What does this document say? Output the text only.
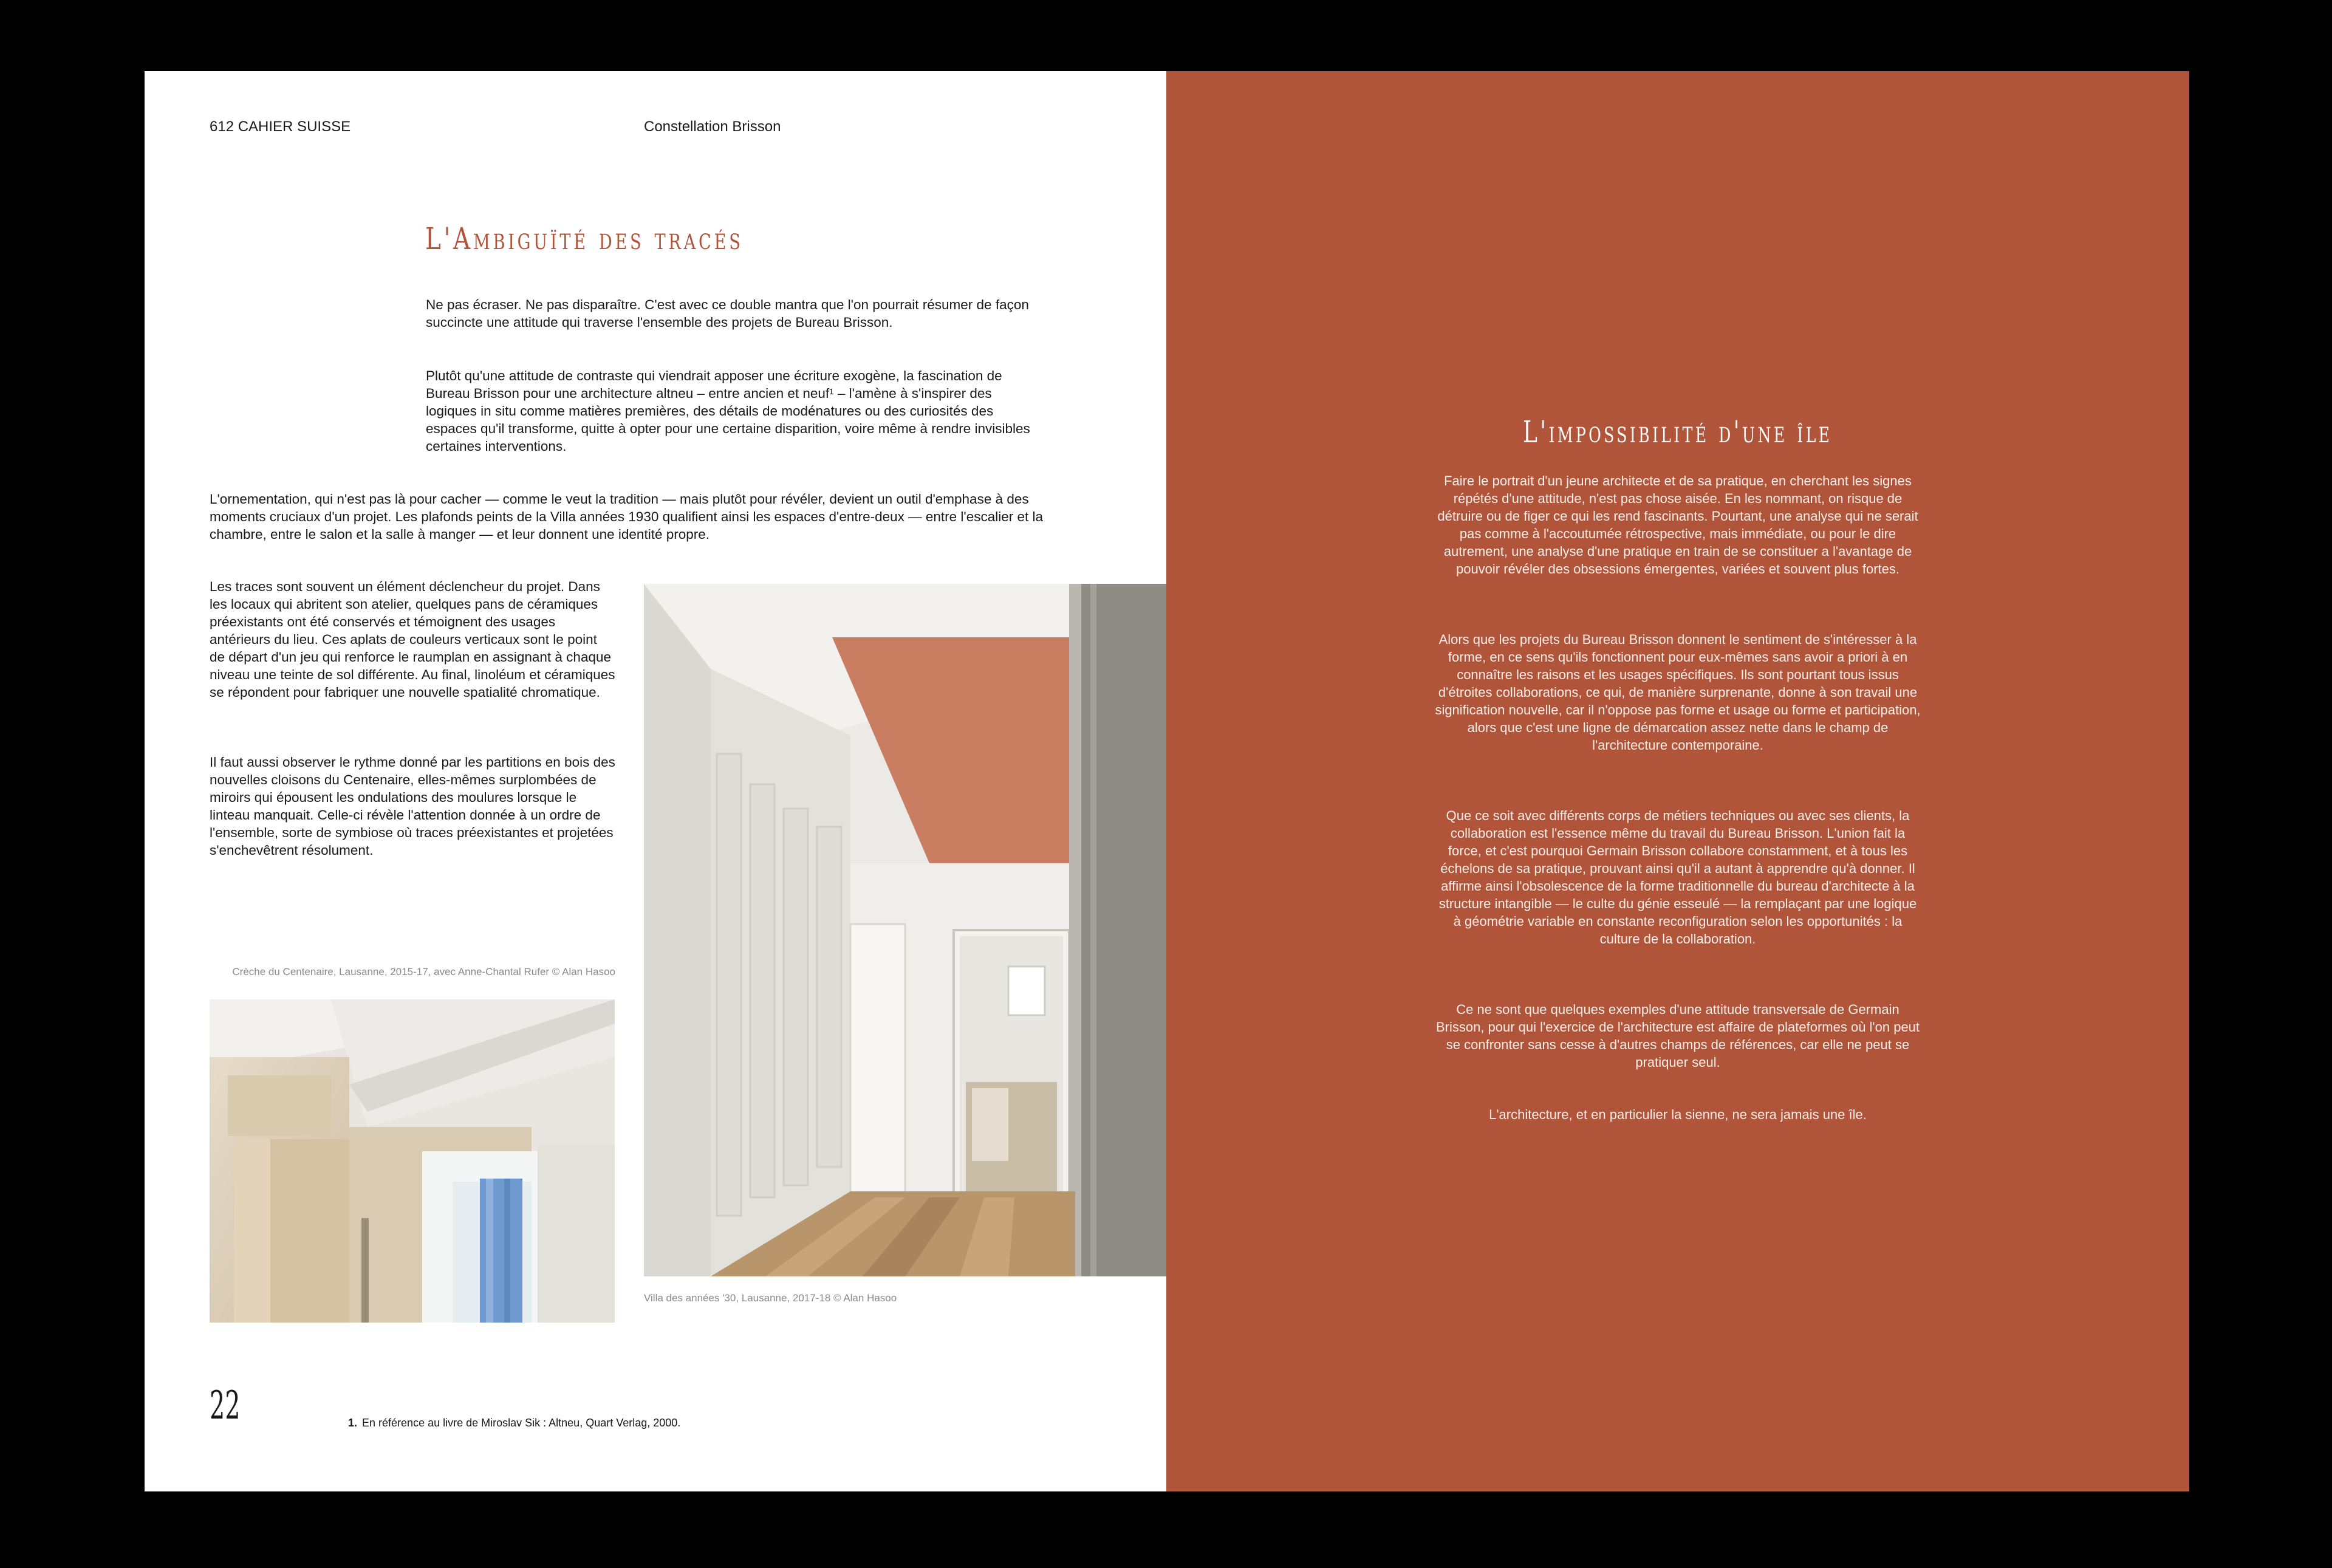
612 CAHIER SUISSE	Constellation Brisson
L'Ambiguïté des tracés

Ne pas écraser. Ne pas disparaître. C'est avec ce double mantra que l'on pourrait résumer de façon succincte une attitude qui traverse l'ensemble des projets de Bureau Brisson.

Plutôt qu'une attitude de contraste qui viendrait apposer une écriture exogène, la fascination de Bureau Brisson pour une architecture altneu – entre ancien et neuf¹ – l'amène à s'inspirer des logiques in situ comme matières premières, des détails de modénatures ou des curiosités des espaces qu'il transforme, quitte à opter pour une certaine disparition, voire même à rendre invisibles certaines interventions.

L'ornementation, qui n'est pas là pour cacher — comme le veut la tradition — mais plutôt pour révéler, devient un outil d'emphase à des moments cruciaux d'un projet. Les plafonds peints de la Villa années 1930 qualifient ainsi les espaces d'entre-deux — entre l'escalier et la chambre, entre le salon et la salle à manger — et leur donnent une identité propre.

Les traces sont souvent un élément déclencheur du projet. Dans les locaux qui abritent son atelier, quelques pans de céramiques préexistants ont été conservés et témoignent des usages antérieurs du lieu. Ces aplats de couleurs verticaux sont le point de départ d'un jeu qui renforce le raumplan en assignant à chaque niveau une teinte de sol différente. Au final, linoléum et céramiques se répondent pour fabriquer une nouvelle spatialité chromatique.

Il faut aussi observer le rythme donné par les partitions en bois des nouvelles cloisons du Centenaire, elles-mêmes surplombées de miroirs qui épousent les ondulations des moulures lorsque le linteau manquait. Celle-ci révèle l'attention donnée à un ordre de l'ensemble, sorte de symbiose où traces préexistantes et projetées s'enchevêtrent résolument.

Crèche du Centenaire, Lausanne, 2015-17, avec Anne-Chantal Rufer © Alan Hasoo

Villa des années '30, Lausanne, 2017-18 © Alan Hasoo

22	1. En référence au livre de Miroslav Sik : Altneu, Quart Verlag, 2000.
L'impossibilité d'une île

Faire le portrait d'un jeune architecte et de sa pratique, en cherchant les signes répétés d'une attitude, n'est pas chose aisée. En les nommant, on risque de détruire ou de figer ce qui les rend fascinants. Pourtant, une analyse qui ne serait pas comme à l'accoutumée rétrospective, mais immédiate, ou pour le dire autrement, une analyse d'une pratique en train de se constituer a l'avantage de pouvoir révéler des obsessions émergentes, variées et souvent plus fortes.

Alors que les projets du Bureau Brisson donnent le sentiment de s'intéresser à la forme, en ce sens qu'ils fonctionnent pour eux-mêmes sans avoir a priori à en connaître les raisons et les usages spécifiques. Ils sont pourtant tous issus d'étroites collaborations, ce qui, de manière surprenante, donne à son travail une signification nouvelle, car il n'oppose pas forme et usage ou forme et participation, alors que c'est une ligne de démarcation assez nette dans le champ de l'architecture contemporaine.

Que ce soit avec différents corps de métiers techniques ou avec ses clients, la collaboration est l'essence même du travail du Bureau Brisson. L'union fait la force, et c'est pourquoi Germain Brisson collabore constamment, et à tous les échelons de sa pratique, prouvant ainsi qu'il a autant à apprendre qu'à donner. Il affirme ainsi l'obsolescence de la forme traditionnelle du bureau d'architecte à la structure intangible — le culte du génie esseulé — la remplaçant par une logique à géométrie variable en constante reconfiguration selon les opportunités : la culture de la collaboration.

Ce ne sont que quelques exemples d'une attitude transversale de Germain Brisson, pour qui l'exercice de l'architecture est affaire de plateformes où l'on peut se confronter sans cesse à d'autres champs de références, car elle ne peut se pratiquer seul.

L'architecture, et en particulier la sienne, ne sera jamais une île.
